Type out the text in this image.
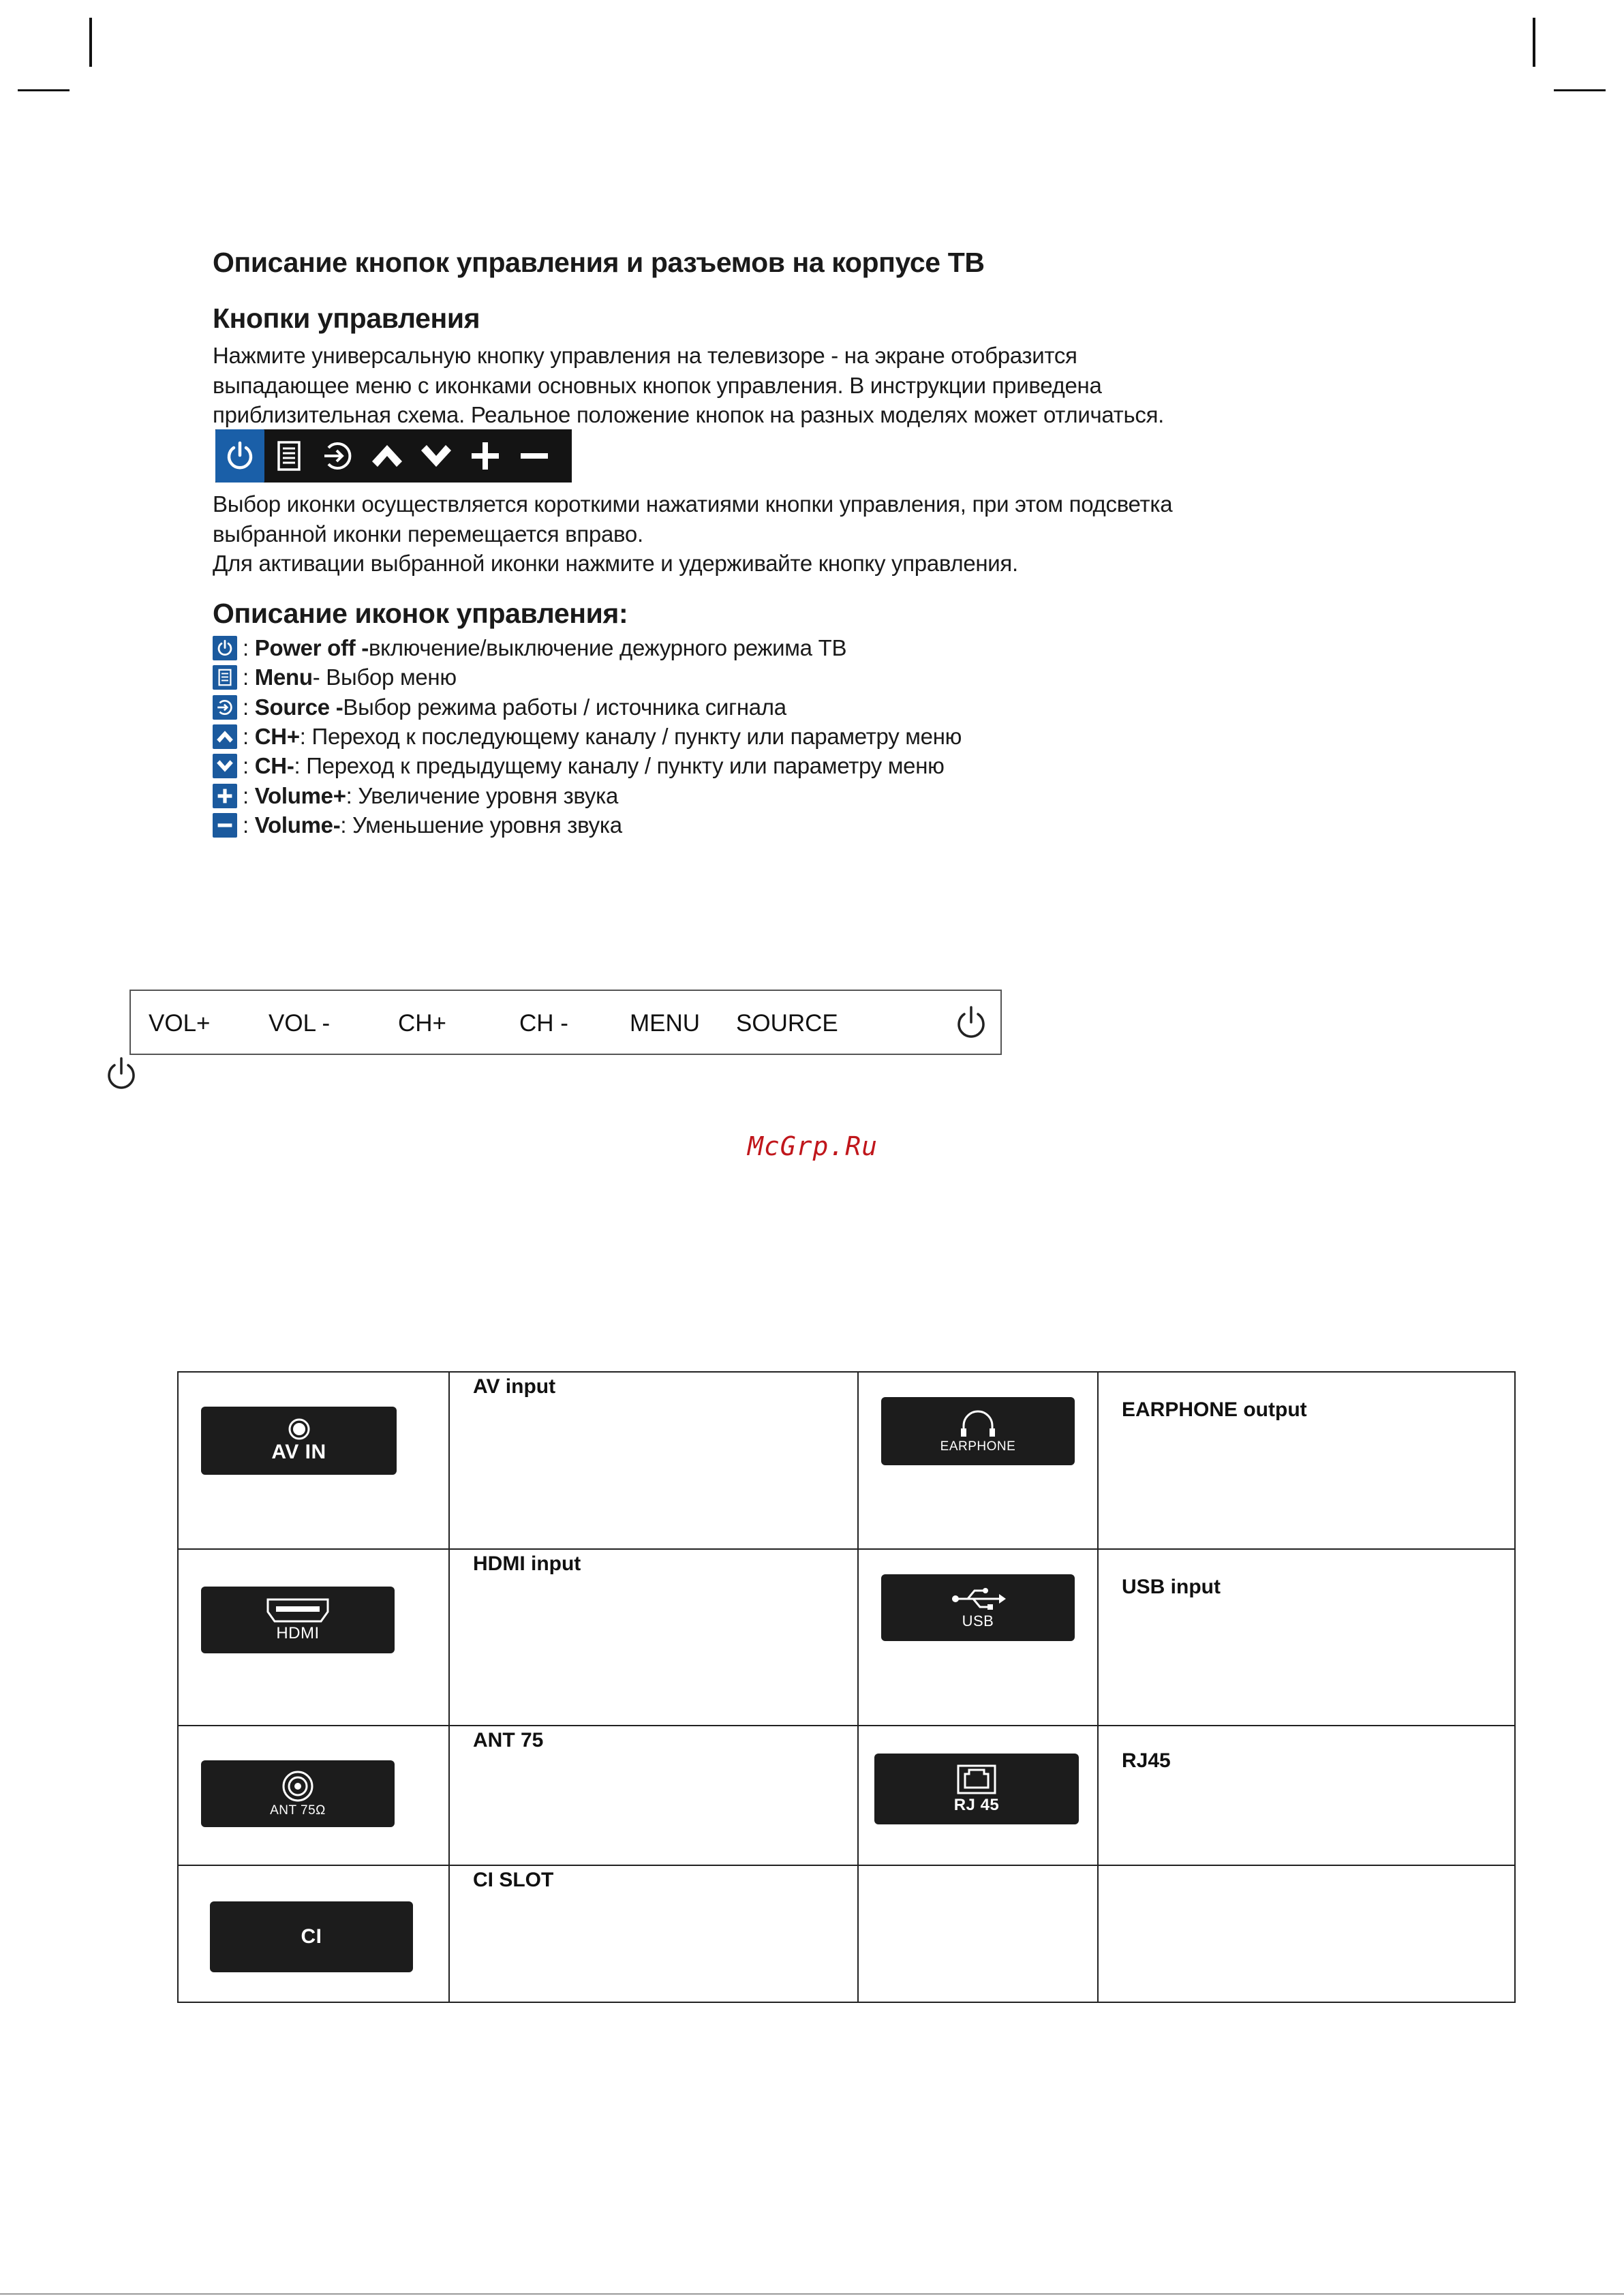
Описание кнопок управления и разъемов на корпусе ТВ
Кнопки управления
Нажмите универсальную кнопку управления на телевизоре - на экране отобразится выпадающее меню с иконками основных кнопок управления. В инструкции приведена приблизительная схема. Реальное положение кнопок на разных моделях может отличаться.
Выбор иконки осуществляется короткими нажатиями кнопки управления, при этом подсветка выбранной иконки перемещается вправо.
Для активации выбранной иконки нажмите и удерживайте кнопку управления.
Описание иконок управления:
: Power off - включение/выключение дежурного режима ТВ
: Menu - Выбор меню
: Source - Выбор режима работы / источника сигнала
: CH+ : Переход к последующему каналу / пункту или параметру меню
: CH- : Переход к предыдущему каналу / пункту или параметру меню
: Volume+ : Увеличение уровня звука
: Volume- : Уменьшение уровня звука
VOL+ VOL -	CH+	CH -	MENU SOURCE
McGrp.Ru
AV IN	AV input	EARPHONE	EARPHONE output

HDMI	HDMI input	USB	USB input

ANT 75Ω	ANT 75	RJ 45	RJ45

CI	CI SLOT		
